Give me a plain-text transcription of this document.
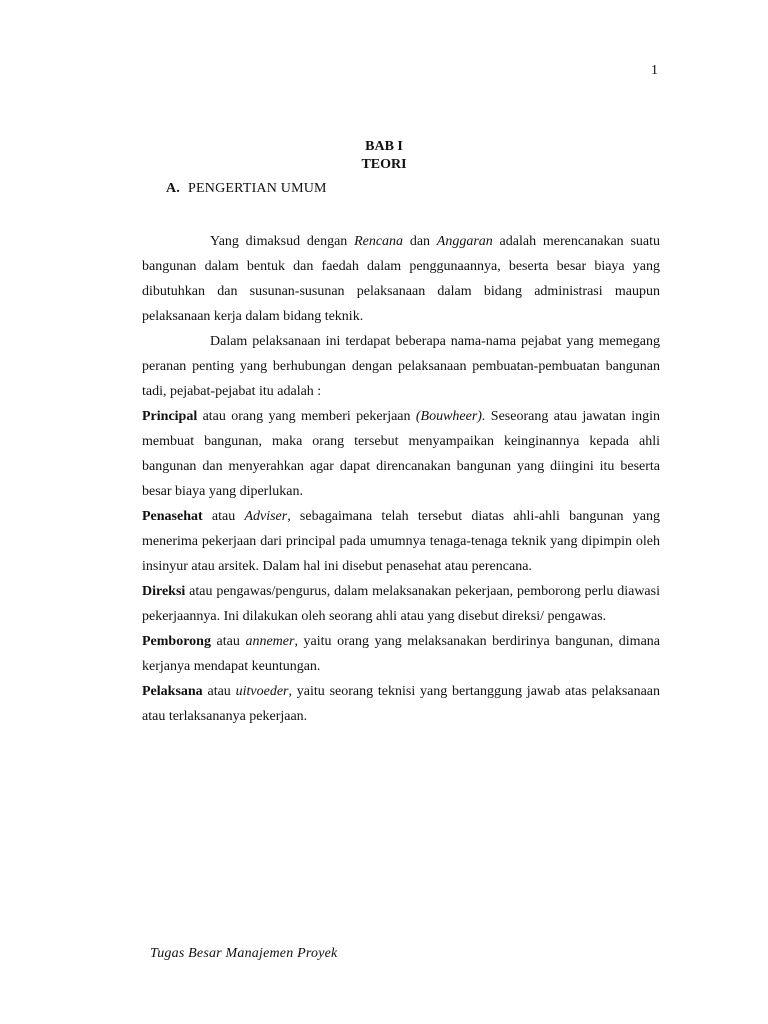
1
BAB I
TEORI
A. PENGERTIAN UMUM

Yang dimaksud dengan Rencana dan Anggaran adalah merencanakan suatu bangunan dalam bentuk dan faedah dalam penggunaannya, beserta besar biaya yang dibutuhkan dan susunan-susunan pelaksanaan dalam bidang administrasi maupun pelaksanaan kerja dalam bidang teknik.

Dalam pelaksanaan ini terdapat beberapa nama-nama pejabat yang memegang peranan penting yang berhubungan dengan pelaksanaan pembuatan-pembuatan bangunan tadi, pejabat-pejabat itu adalah :

Principal atau orang yang memberi pekerjaan (Bouwheer). Seseorang atau jawatan ingin membuat bangunan, maka orang tersebut menyampaikan keinginannya kepada ahli bangunan dan menyerahkan agar dapat direncanakan bangunan yang diingini itu beserta besar biaya yang diperlukan.

Penasehat atau Adviser, sebagaimana telah tersebut diatas ahli-ahli bangunan yang menerima pekerjaan dari principal pada umumnya tenaga-tenaga teknik yang dipimpin oleh insinyur atau arsitek. Dalam hal ini disebut penasehat atau perencana.

Direksi atau pengawas/pengurus, dalam melaksanakan pekerjaan, pemborong perlu diawasi pekerjaannya. Ini dilakukan oleh seorang ahli atau yang disebut direksi/ pengawas.

Pemborong atau annemer, yaitu orang yang melaksanakan berdirinya bangunan, dimana kerjanya mendapat keuntungan.

Pelaksana atau uitvoeder, yaitu seorang teknisi yang bertanggung jawab atas pelaksanaan atau terlaksananya pekerjaan.

Tugas Besar Manajemen Proyek
